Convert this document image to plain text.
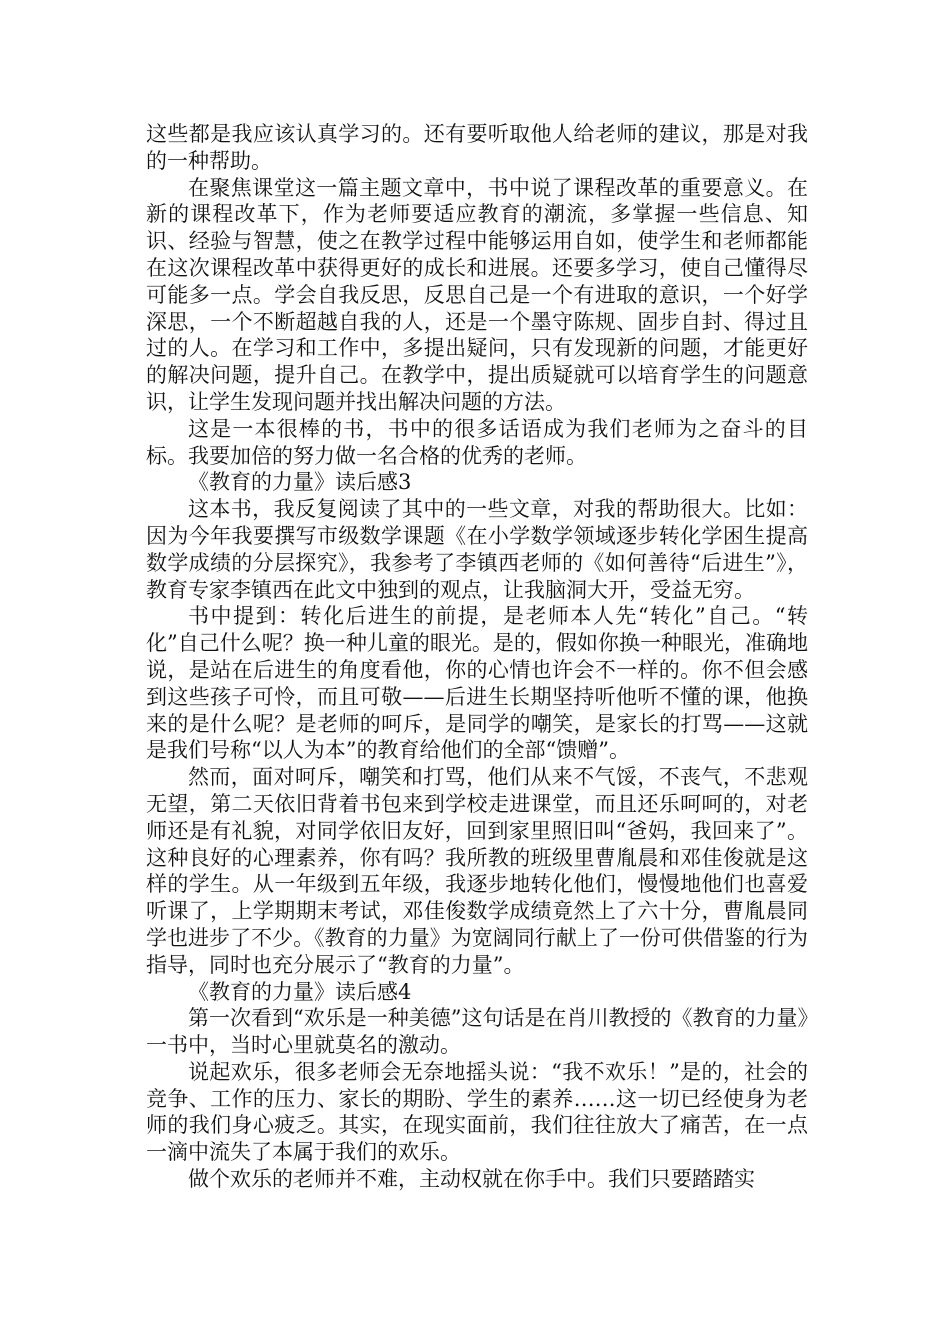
这些都是我应该认真学习的。还有要听取他人给老师的建议，那是对我的一种帮助。

在聚焦课堂这一篇主题文章中，书中说了课程改革的重要意义。在新的课程改革下，作为老师要适应教育的潮流，多掌握一些信息、知识、经验与智慧，使之在教学过程中能够运用自如，使学生和老师都能在这次课程改革中获得更好的成长和进展。还要多学习，使自己懂得尽可能多一点。学会自我反思，反思自己是一个有进取的意识，一个好学深思，一个不断超越自我的人，还是一个墨守陈规、固步自封、得过且过的人。在学习和工作中，多提出疑问，只有发现新的问题，才能更好的解决问题，提升自己。在教学中，提出质疑就可以培育学生的问题意识，让学生发现问题并找出解决问题的方法。

这是一本很棒的书，书中的很多话语成为我们老师为之奋斗的目标。我要加倍的努力做一名合格的优秀的老师。

《教育的力量》读后感3

这本书，我反复阅读了其中的一些文章，对我的帮助很大。比如：因为今年我要撰写市级数学课题《在小学数学领域逐步转化学困生提高数学成绩的分层探究》，我参考了李镇西老师的《如何善待“后进生”》，教育专家李镇西在此文中独到的观点，让我脑洞大开，受益无穷。

书中提到：转化后进生的前提，是老师本人先“转化”自己。“转化”自己什么呢？换一种儿童的眼光。是的，假如你换一种眼光，准确地说，是站在后进生的角度看他，你的心情也许会不一样的。你不但会感到这些孩子可怜，而且可敬——后进生长期坚持听他听不懂的课，他换来的是什么呢？是老师的呵斥，是同学的嘲笑，是家长的打骂——这就是我们号称“以人为本”的教育给他们的全部“馈赠”。

然而，面对呵斥，嘲笑和打骂，他们从来不气馁，不丧气，不悲观无望，第二天依旧背着书包来到学校走进课堂，而且还乐呵呵的，对老师还是有礼貌，对同学依旧友好，回到家里照旧叫“爸妈，我回来了”。这种良好的心理素养，你有吗？我所教的班级里曹胤晨和邓佳俊就是这样的学生。从一年级到五年级，我逐步地转化他们，慢慢地他们也喜爱听课了，上学期期末考试，邓佳俊数学成绩竟然上了六十分，曹胤晨同学也进步了不少。《教育的力量》为宽阔同行献上了一份可供借鉴的行为指导，同时也充分展示了“教育的力量”。

《教育的力量》读后感4

第一次看到“欢乐是一种美德”这句话是在肖川教授的《教育的力量》一书中，当时心里就莫名的激动。

说起欢乐，很多老师会无奈地摇头说：“我不欢乐！”是的，社会的竞争、工作的压力、家长的期盼、学生的素养……这一切已经使身为老师的我们身心疲乏。其实，在现实面前，我们往往放大了痛苦，在一点一滴中流失了本属于我们的欢乐。

做个欢乐的老师并不难，主动权就在你手中。我们只要踏踏实
